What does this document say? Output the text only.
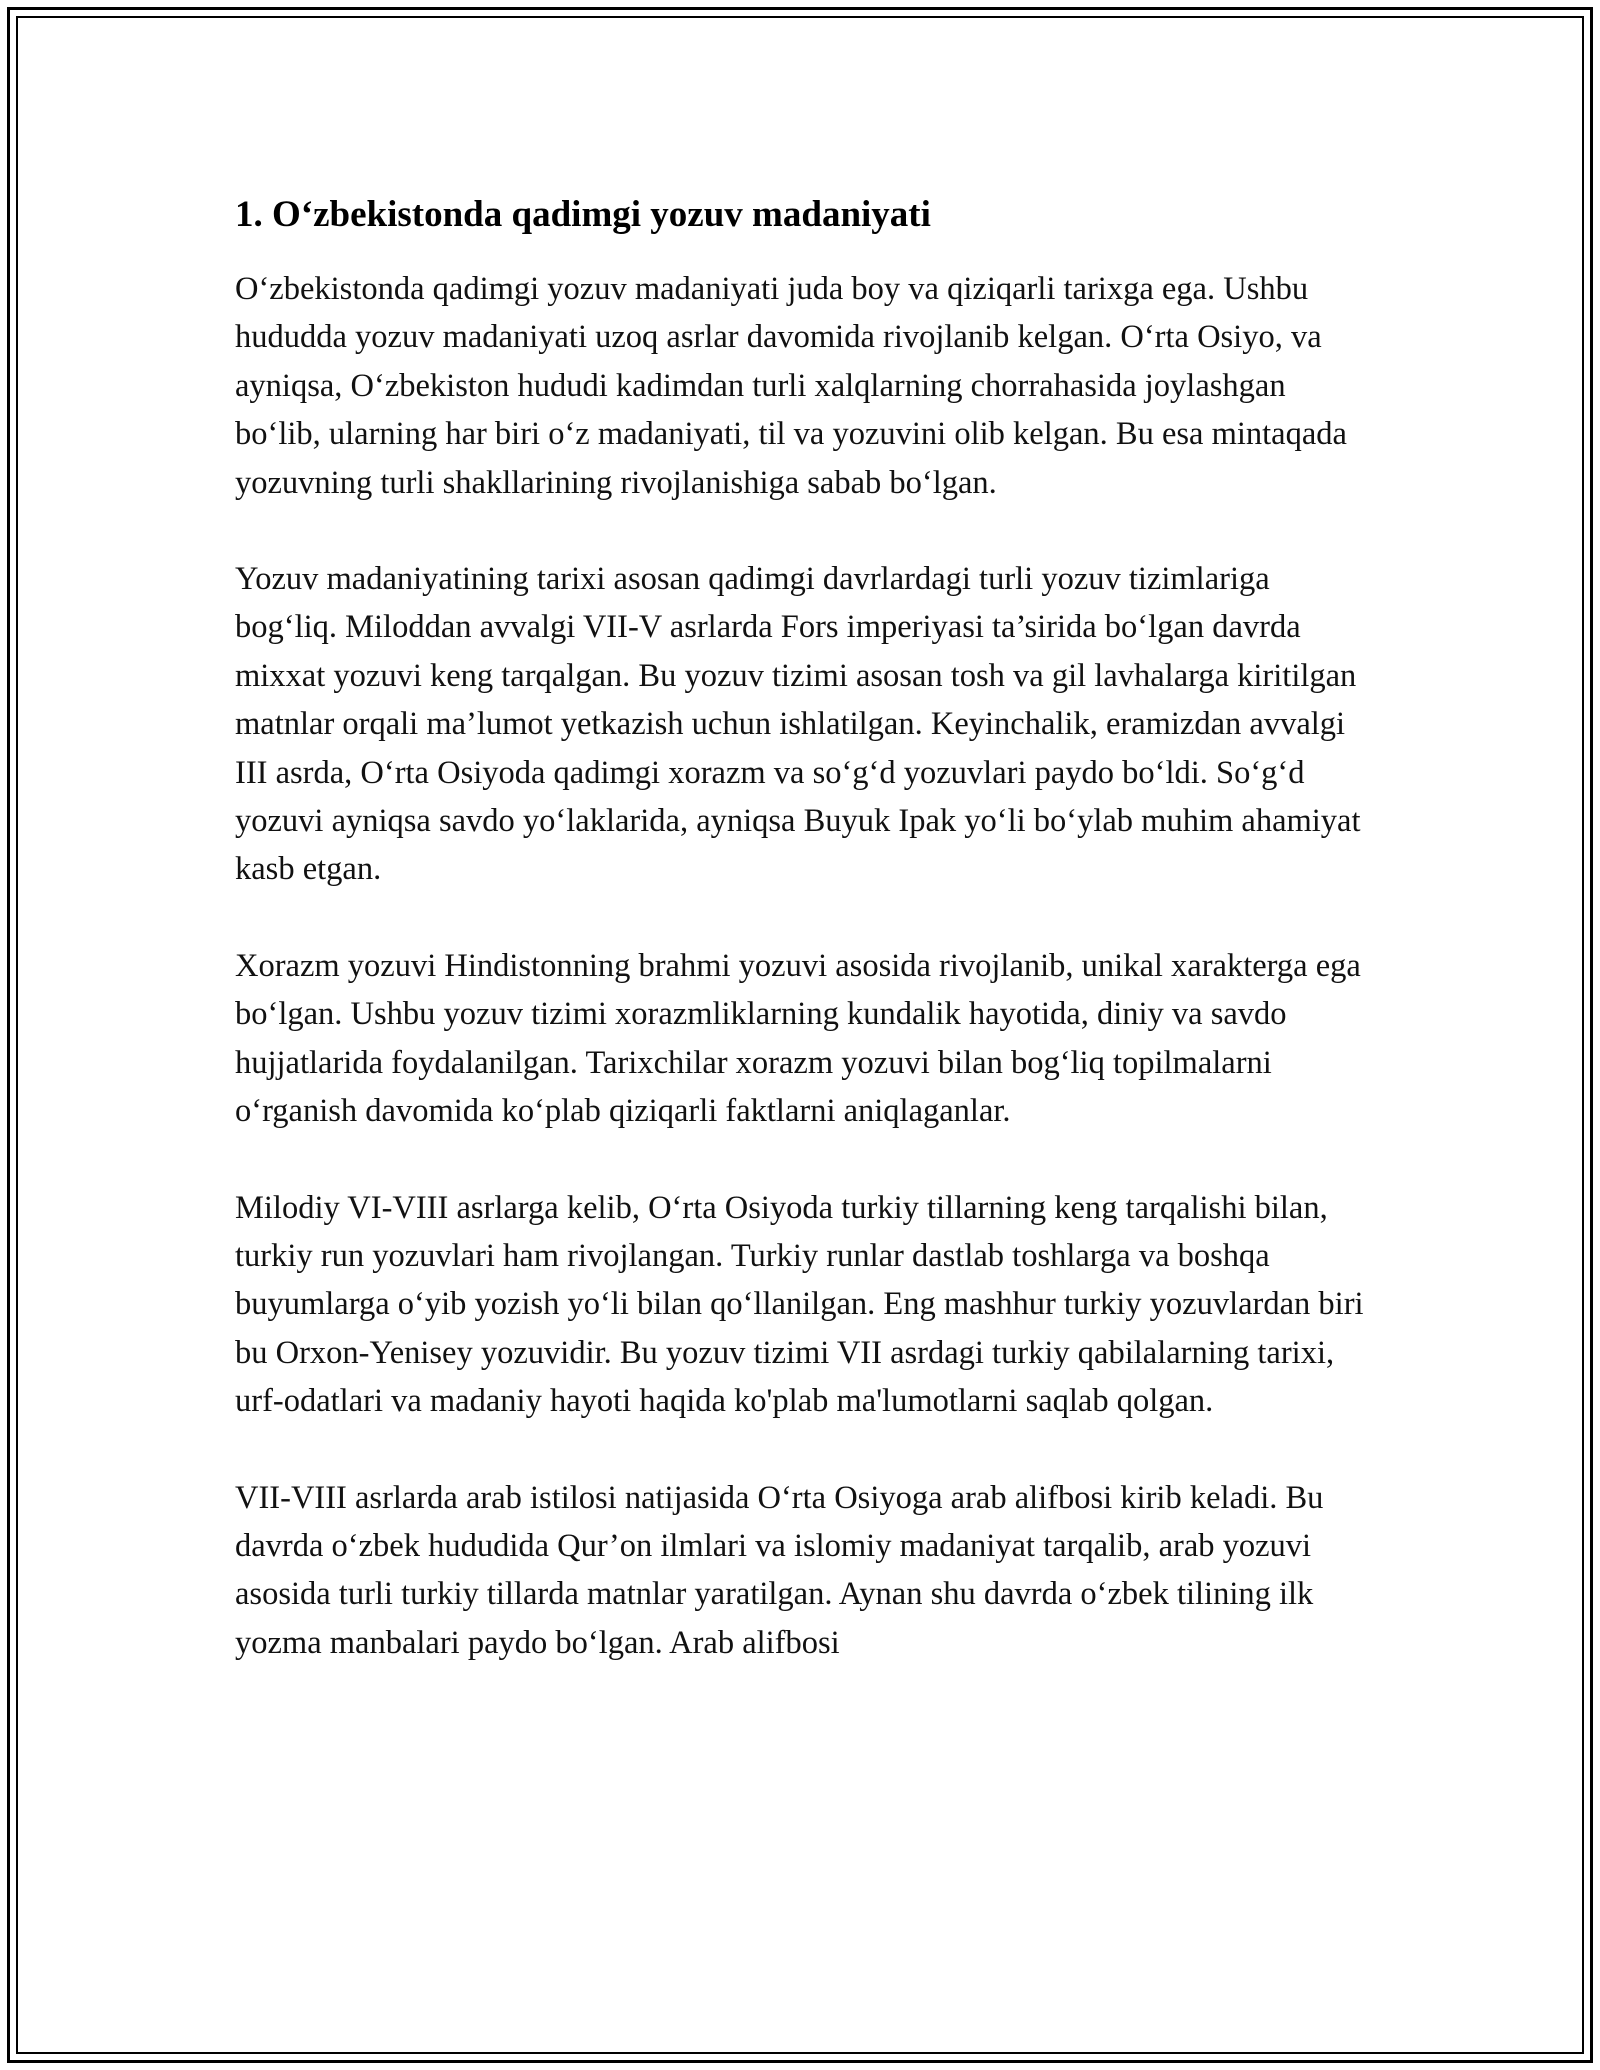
1. O‘zbekistonda qadimgi yozuv madaniyati

O‘zbekistonda qadimgi yozuv madaniyati juda boy va qiziqarli tarixga ega. Ushbu hududda yozuv madaniyati uzoq asrlar davomida rivojlanib kelgan. O‘rta Osiyo, va ayniqsa, O‘zbekiston hududi kadimdan turli xalqlarning chorrahasida joylashgan bo‘lib, ularning har biri o‘z madaniyati, til va yozuvini olib kelgan. Bu esa mintaqada yozuvning turli shakllarining rivojlanishiga sabab bo‘lgan.

Yozuv madaniyatining tarixi asosan qadimgi davrlardagi turli yozuv tizimlariga bog‘liq. Miloddan avvalgi VII-V asrlarda Fors imperiyasi ta’sirida bo‘lgan davrda mixxat yozuvi keng tarqalgan. Bu yozuv tizimi asosan tosh va gil lavhalarga kiritilgan matnlar orqali ma’lumot yetkazish uchun ishlatilgan. Keyinchalik, eramizdan avvalgi III asrda, O‘rta Osiyoda qadimgi xorazm va so‘g‘d yozuvlari paydo bo‘ldi. So‘g‘d yozuvi ayniqsa savdo yo‘laklarida, ayniqsa Buyuk Ipak yo‘li bo‘ylab muhim ahamiyat kasb etgan.

Xorazm yozuvi Hindistonning brahmi yozuvi asosida rivojlanib, unikal xarakterga ega bo‘lgan. Ushbu yozuv tizimi xorazmliklarning kundalik hayotida, diniy va savdo hujjatlarida foydalanilgan. Tarixchilar xorazm yozuvi bilan bog‘liq topilmalarni o‘rganish davomida ko‘plab qiziqarli faktlarni aniqlaganlar.

Milodiy VI-VIII asrlarga kelib, O‘rta Osiyoda turkiy tillarning keng tarqalishi bilan, turkiy run yozuvlari ham rivojlangan. Turkiy runlar dastlab toshlarga va boshqa buyumlarga o‘yib yozish yo‘li bilan qo‘llanilgan. Eng mashhur turkiy yozuvlardan biri bu Orxon-Yenisey yozuvidir. Bu yozuv tizimi VII asrdagi turkiy qabilalarning tarixi, urf-odatlari va madaniy hayoti haqida ko'plab ma'lumotlarni saqlab qolgan.

VII-VIII asrlarda arab istilosi natijasida O‘rta Osiyoga arab alifbosi kirib keladi. Bu davrda o‘zbek hududida Qur’on ilmlari va islomiy madaniyat tarqalib, arab yozuvi asosida turli turkiy tillarda matnlar yaratilgan. Aynan shu davrda o‘zbek tilining ilk yozma manbalari paydo bo‘lgan. Arab alifbosi
